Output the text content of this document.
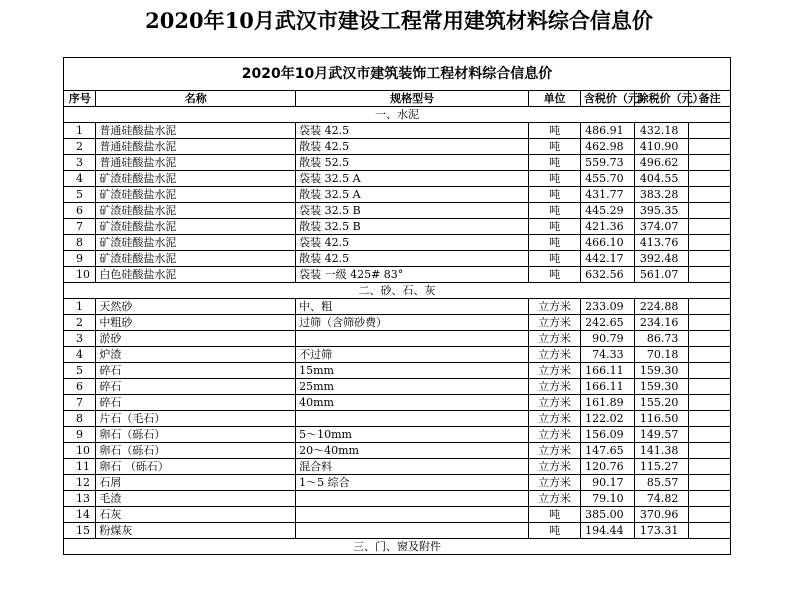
2020年10月武汉市建设工程常用建筑材料综合信息价
2020年10月武汉市建筑装饰工程材料综合信息价						
序号	名称	规格型号	单位	含税价（元）	除税价（元）	备注
一、水泥						
1	普通硅酸盐水泥	袋装 42.5	吨	486.91	432.18	
2	普通硅酸盐水泥	散装 42.5	吨	462.98	410.90	
3	普通硅酸盐水泥	散装 52.5	吨	559.73	496.62	
4	矿渣硅酸盐水泥	袋装 32.5 A	吨	455.70	404.55	
5	矿渣硅酸盐水泥	散装 32.5 A	吨	431.77	383.28	
6	矿渣硅酸盐水泥	袋装 32.5 B	吨	445.29	395.35	
7	矿渣硅酸盐水泥	散装 32.5 B	吨	421.36	374.07	
8	矿渣硅酸盐水泥	袋装 42.5	吨	466.10	413.76	
9	矿渣硅酸盐水泥	散装 42.5	吨	442.17	392.48	
10	白色硅酸盐水泥	袋装 一级 425# 83°	吨	632.56	561.07	
二、砂、石、灰						
1	天然砂	中、粗	立方米	233.09	224.88	
2	中粗砂	过筛（含筛砂费）	立方米	242.65	234.16	
3	淤砂		立方米	90.79	86.73	
4	炉渣	不过筛	立方米	74.33	70.18	
5	碎石	15mm	立方米	166.11	159.30	
6	碎石	25mm	立方米	166.11	159.30	
7	碎石	40mm	立方米	161.89	155.20	
8	片石（毛石）		立方米	122.02	116.50	
9	卵石（砾石）	5～10mm	立方米	156.09	149.57	
10	卵石（砾石）	20～40mm	立方米	147.65	141.38	
11	卵石 （砾石）	混合料	立方米	120.76	115.27	
12	石屑	1～5 综合	立方米	90.17	85.57	
13	毛渣		立方米	79.10	74.82	
14	石灰		吨	385.00	370.96	
15	粉煤灰		吨	194.44	173.31	
三、门、窗及附件						
